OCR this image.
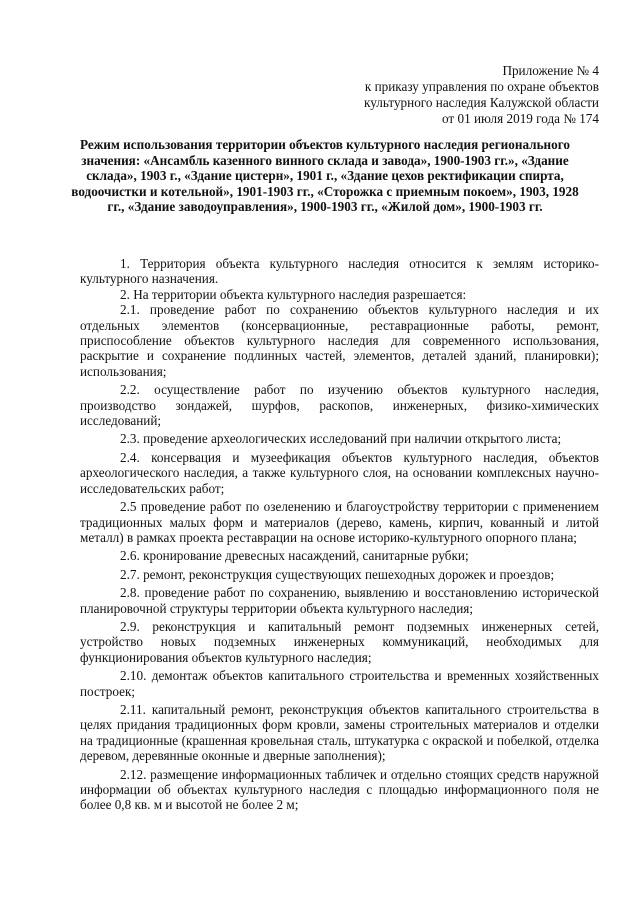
Приложение № 4
к приказу управления по охране объектов
культурного наследия Калужской области
от 01 июля 2019 года № 174
Режим использования территории объектов культурного наследия регионального значения: «Ансамбль казенного винного склада и завода», 1900-1903 гг.», «Здание склада», 1903 г., «Здание цистерн», 1901 г., «Здание цехов ректификации спирта, водоочистки и котельной», 1901-1903 гг., «Сторожка с приемным покоем», 1903, 1928 гг., «Здание заводоуправления», 1900-1903 гг., «Жилой дом», 1900-1903 гг.

1. Территория объекта культурного наследия относится к землям историко-культурного назначения.

2. На территории объекта культурного наследия разрешается:

2.1. проведение работ по сохранению объектов культурного наследия и их отдельных элементов (консервационные, реставрационные работы, ремонт, приспособление объектов культурного наследия для современного использования, раскрытие и сохранение подлинных частей, элементов, деталей зданий, планировки); использования;

2.2. осуществление работ по изучению объектов культурного наследия, производство зондажей, шурфов, раскопов, инженерных, физико-химических исследований;

2.3. проведение археологических исследований при наличии открытого листа;

2.4. консервация и музеефикация объектов культурного наследия, объектов археологического наследия, а также культурного слоя, на основании комплексных научно-исследовательских работ;

2.5 проведение работ по озеленению и благоустройству территории с применением традиционных малых форм и материалов (дерево, камень, кирпич, кованный и литой металл) в рамках проекта реставрации на основе историко-культурного опорного плана;

2.6. кронирование древесных насаждений, санитарные рубки;

2.7. ремонт, реконструкция существующих пешеходных дорожек и проездов;

2.8. проведение работ по сохранению, выявлению и восстановлению исторической планировочной структуры территории объекта культурного наследия;

2.9. реконструкция и капитальный ремонт подземных инженерных сетей, устройство новых подземных инженерных коммуникаций, необходимых для функционирования объектов культурного наследия;

2.10. демонтаж объектов капитального строительства и временных хозяйственных построек;

2.11. капитальный ремонт, реконструкция объектов капитального строительства в целях придания традиционных форм кровли, замены строительных материалов и отделки на традиционные (крашенная кровельная сталь, штукатурка с окраской и побелкой, отделка деревом, деревянные оконные и дверные заполнения);

2.12. размещение информационных табличек и отдельно стоящих средств наружной информации об объектах культурного наследия с площадью информационного поля не более 0,8 кв. м и высотой не более 2 м;
